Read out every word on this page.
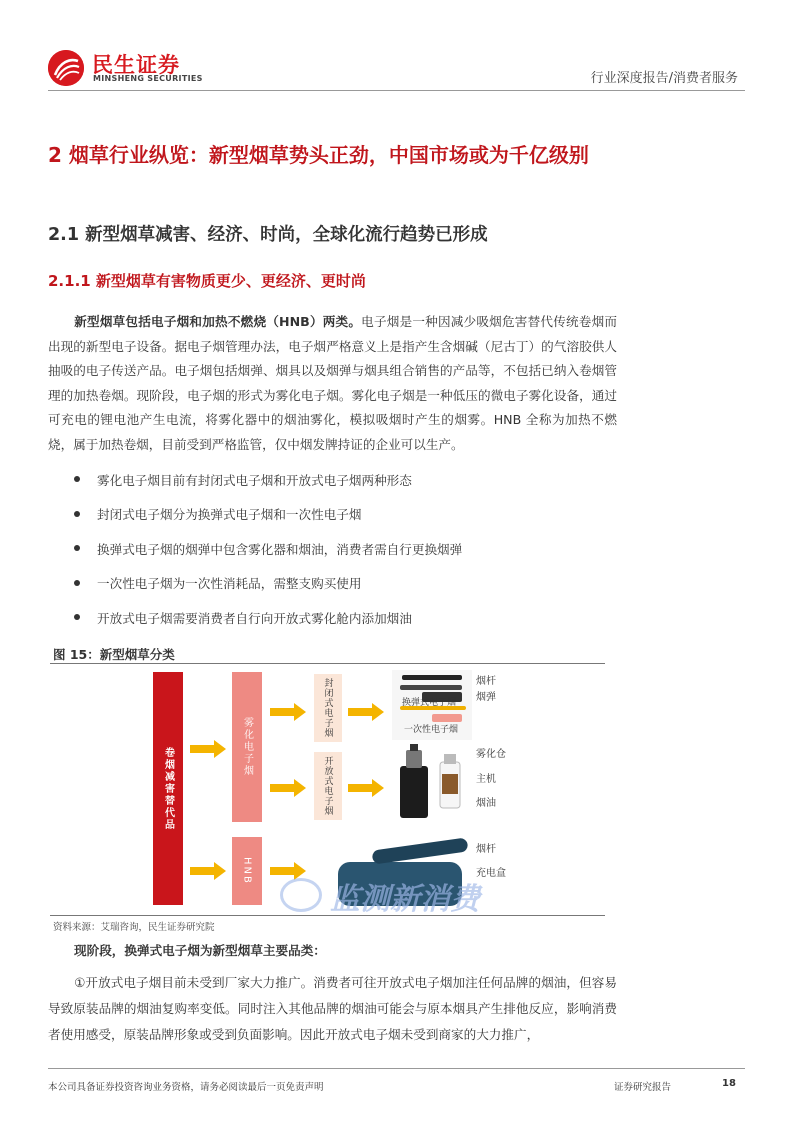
民生证券
MINSHENG SECURITIES	行业深度报告/消费者服务
2 烟草行业纵览：新型烟草势头正劲，中国市场或为千亿级别
2.1 新型烟草减害、经济、时尚，全球化流行趋势已形成
2.1.1 新型烟草有害物质更少、更经济、更时尚
新型烟草包括电子烟和加热不燃烧（HNB）两类。电子烟是一种因减少吸烟危害替代传统卷烟而出现的新型电子设备。据电子烟管理办法，电子烟严格意义上是指产生含烟碱（尼古丁）的气溶胶供人抽吸的电子传送产品。电子烟包括烟弹、烟具以及烟弹与烟具组合销售的产品等，不包括已纳入卷烟管理的加热卷烟。现阶段，电子烟的形式为雾化电子烟。雾化电子烟是一种低压的微电子雾化设备，通过可充电的锂电池产生电流，将雾化器中的烟油雾化，模拟吸烟时产生的烟雾。HNB 全称为加热不燃烧，属于加热卷烟，目前受到严格监管，仅中烟发牌持证的企业可以生产。
雾化电子烟目前有封闭式电子烟和开放式电子烟两种形态
封闭式电子烟分为换弹式电子烟和一次性电子烟
换弹式电子烟的烟弹中包含雾化器和烟油，消费者需自行更换烟弹
一次性电子烟为一次性消耗品，需整支购买使用
开放式电子烟需要消费者自行向开放式雾化舱内添加烟油
图 15：新型烟草分类
卷烟减害替代品	雾化电子烟
HNB
封闭式电子烟
开放式电子烟
换弹式电子烟
一次性电子烟
烟杆
烟弹
雾化仓
主机
烟油
烟杆
充电盒
监测新消费
资料来源：艾瑞咨询，民生证券研究院
现阶段，换弹式电子烟为新型烟草主要品类：
①开放式电子烟目前未受到厂家大力推广。消费者可往开放式电子烟加注任何品牌的烟油，但容易导致原装品牌的烟油复购率变低。同时注入其他品牌的烟油可能会与原本烟具产生排他反应，影响消费者使用感受，原装品牌形象或受到负面影响。因此开放式电子烟未受到商家的大力推广，
本公司具备证券投资咨询业务资格，请务必阅读最后一页免责声明	证券研究报告	18
